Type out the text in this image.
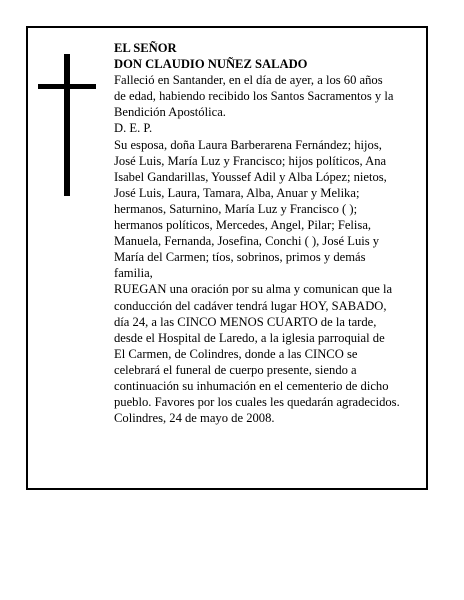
EL SEÑOR
DON CLAUDIO NUÑEZ SALADO
Falleció en Santander, en el día de ayer, a los 60 años
de edad, habiendo recibido los Santos Sacramentos y la
Bendición Apostólica.
D. E. P.
Su esposa, doña Laura Barberarena Fernández; hijos,
José Luis, María Luz y Francisco; hijos políticos, Ana
Isabel Gandarillas, Youssef Adil y Alba López; nietos,
José Luis, Laura, Tamara, Alba, Anuar y Melika;
hermanos, Saturnino, María Luz y Francisco ( );
hermanos políticos, Mercedes, Angel, Pilar; Felisa,
Manuela, Fernanda, Josefina, Conchi ( ), José Luis y
María del Carmen; tíos, sobrinos, primos y demás
familia,
RUEGAN una oración por su alma y comunican que la
conducción del cadáver tendrá lugar HOY, SABADO,
día 24, a las CINCO MENOS CUARTO de la tarde,
desde el Hospital de Laredo, a la iglesia parroquial de
El Carmen, de Colindres, donde a las CINCO se
celebrará el funeral de cuerpo presente, siendo a
continuación su inhumación en el cementerio de dicho
pueblo. Favores por los cuales les quedarán agradecidos.
Colindres, 24 de mayo de 2008.
